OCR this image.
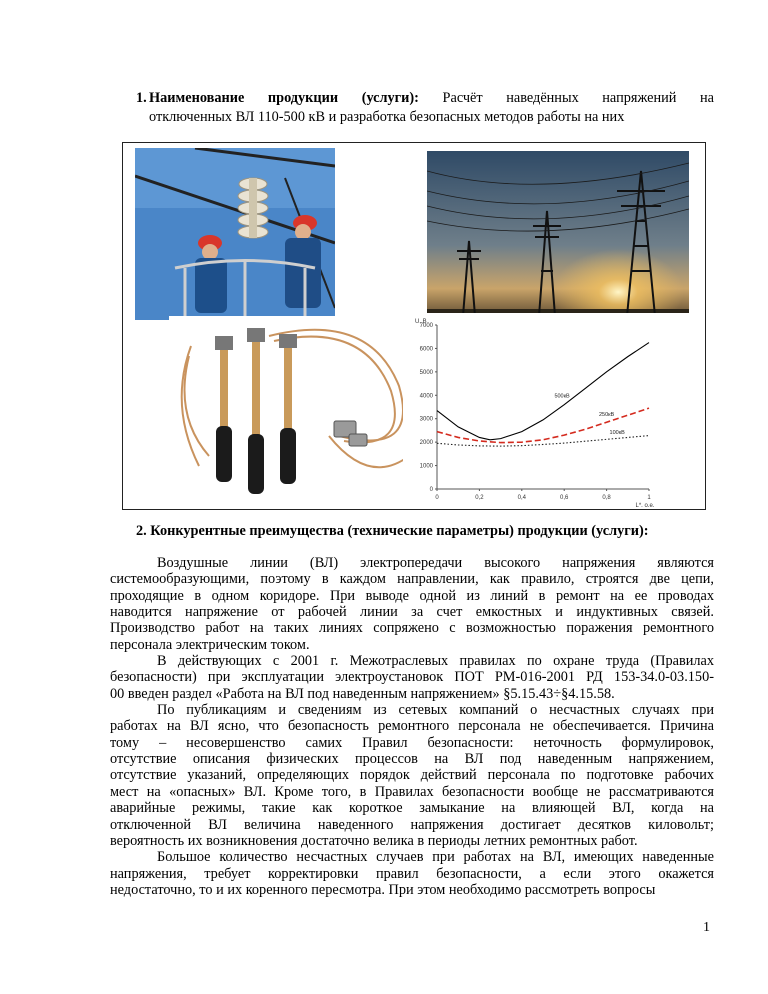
1. Наименование продукции (услуги): Расчёт наведённых напряжений на
отключенных ВЛ 110-500 кВ и разработка безопасных методов работы на них
U, В
0
1000
2000
3000
4000
5000
6000
7000
0	0,2	0,4	0,6	0,8	1
L*, о.е.
500кВ
250кВ
100кВ
2. Конкурентные преимущества (технические параметры) продукции (услуги):

Воздушные линии (ВЛ) электропередачи высокого напряжения являются
системообразующими, поэтому в каждом направлении, как правило, строятся две цепи,
проходящие в одном коридоре. При выводе одной из линий в ремонт на ее проводах
наводится напряжение от рабочей линии за счет емкостных и индуктивных связей.
Производство работ на таких линиях сопряжено с возможностью поражения ремонтного
персонала электрическим током.

В действующих с 2001 г. Межотраслевых правилах по охране труда (Правилах
безопасности) при эксплуатации электроустановок ПОТ РМ-016-2001 РД 153-34.0-03.150-
00 введен раздел «Работа на ВЛ под наведенным напряжением» §5.15.43÷§4.15.58.

По публикациям и сведениям из сетевых компаний о несчастных случаях при
работах на ВЛ ясно, что безопасность ремонтного персонала не обеспечивается. Причина
тому – несовершенство самих Правил безопасности: неточность формулировок,
отсутствие описания физических процессов на ВЛ под наведенным напряжением,
отсутствие указаний, определяющих порядок действий персонала по подготовке рабочих
мест на «опасных» ВЛ. Кроме того, в Правилах безопасности вообще не рассматриваются
аварийные режимы, такие как короткое замыкание на влияющей ВЛ, когда на
отключенной ВЛ величина наведенного напряжения достигает десятков киловольт;
вероятность их возникновения достаточно велика в периоды летних ремонтных работ.

Большое количество несчастных случаев при работах на ВЛ, имеющих наведенные
напряжения, требует корректировки правил безопасности, а если этого окажется
недостаточно, то и их коренного пересмотра. При этом необходимо рассмотреть вопросы

1
